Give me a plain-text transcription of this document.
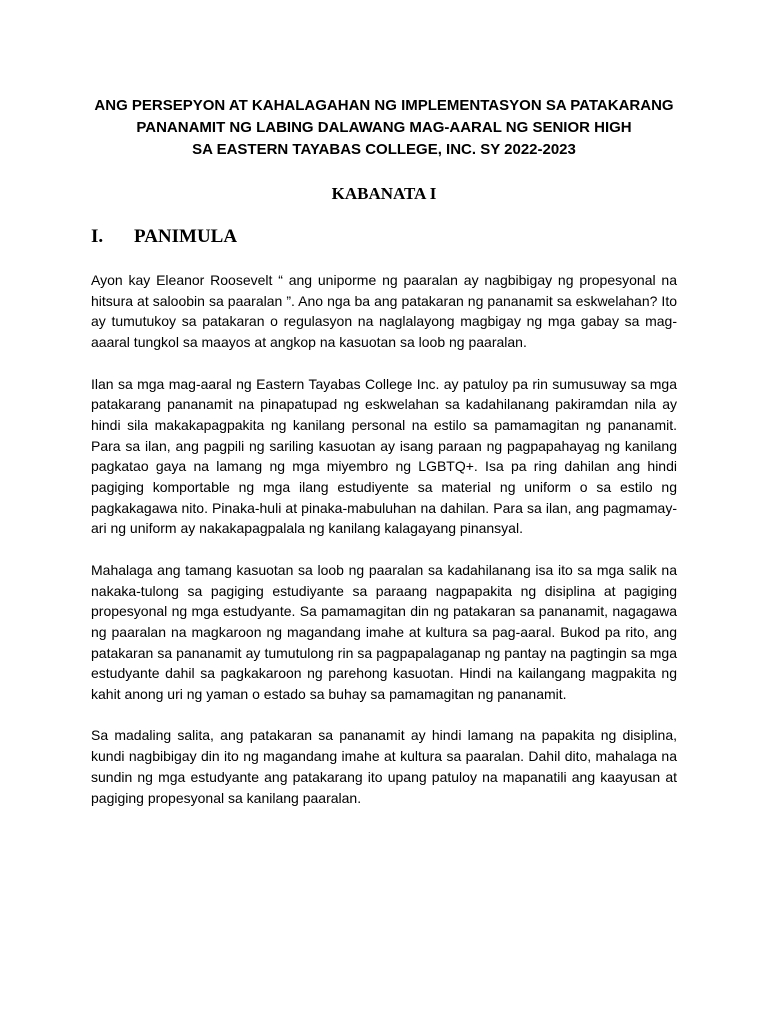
ANG PERSEPYON AT KAHALAGAHAN NG IMPLEMENTASYON SA PATAKARANG
PANANAMIT NG LABING DALAWANG MAG-AARAL NG SENIOR HIGH
SA EASTERN TAYABAS COLLEGE, INC. SY 2022-2023
KABANATA I
I.	PANIMULA

Ayon kay Eleanor Roosevelt “ ang uniporme ng paaralan ay nagbibigay ng propesyonal na hitsura at saloobin sa paaralan ”. Ano nga ba ang patakaran ng pananamit sa eskwelahan? Ito ay tumutukoy sa patakaran o regulasyon na naglalayong magbigay ng mga gabay sa mag-aaaral tungkol sa maayos at angkop na kasuotan sa loob ng paaralan.

Ilan sa mga mag-aaral ng Eastern Tayabas College Inc. ay patuloy pa rin sumusuway sa mga patakarang pananamit na pinapatupad ng eskwelahan sa kadahilanang pakiramdan nila ay hindi sila makakapagpakita ng kanilang personal na estilo sa pamamagitan ng pananamit. Para sa ilan, ang pagpili ng sariling kasuotan ay isang paraan ng pagpapahayag ng kanilang pagkatao gaya na lamang ng mga miyembro ng LGBTQ+. Isa pa ring dahilan ang hindi pagiging komportable ng mga ilang estudiyente sa material ng uniform o sa estilo ng pagkakagawa nito. Pinaka-huli at pinaka-mabuluhan na dahilan. Para sa ilan, ang pagmamay-ari ng uniform ay nakakapagpalala ng kanilang kalagayang pinansyal.

Mahalaga ang tamang kasuotan sa loob ng paaralan sa kadahilanang isa ito sa mga salik na nakaka-tulong sa pagiging estudiyante sa paraang nagpapakita ng disiplina at pagiging propesyonal ng mga estudyante. Sa pamamagitan din ng patakaran sa pananamit, nagagawa ng paaralan na magkaroon ng magandang imahe at kultura sa pag-aaral. Bukod pa rito, ang patakaran sa pananamit ay tumutulong rin sa pagpapalaganap ng pantay na pagtingin sa mga estudyante dahil sa pagkakaroon ng parehong kasuotan. Hindi na kailangang magpakita ng kahit anong uri ng yaman o estado sa buhay sa pamamagitan ng pananamit.

Sa madaling salita, ang patakaran sa pananamit ay hindi lamang na papakita ng disiplina, kundi nagbibigay din ito ng magandang imahe at kultura sa paaralan. Dahil dito, mahalaga na sundin ng mga estudyante ang patakarang ito upang patuloy na mapanatili ang kaayusan at pagiging propesyonal sa kanilang paaralan.
